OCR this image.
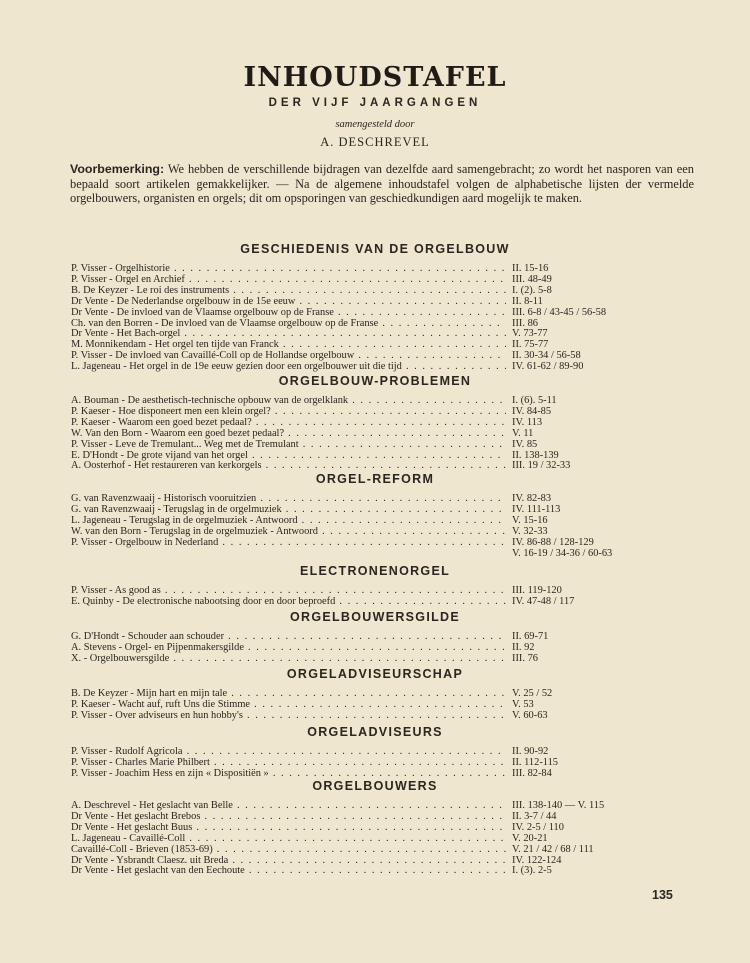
INHOUDSTAFEL
DER VIJF JAARGANGEN
samengesteld door
A. DESCHREVEL
Voorbemerking: We hebben de verschillende bijdragen van dezelfde aard samengebracht; zo wordt het nasporen van een bepaald soort artikelen gemakkelijker. — Na de algemene inhoudstafel volgen de alphabetische lijsten der vermelde orgelbouwers, organisten en orgels; dit om opsporingen van geschiedkundigen aard mogelijk te maken.
GESCHIEDENIS VAN DE ORGELBOUW
P. Visser - Orgelhistorie . . .	II. 15-16
P. Visser - Orgel en Archief . . .	III. 48-49
B. De Keyzer - Le roi des instruments . . .	I. (2). 5-8
Dr Vente - De Nederlandse orgelbouw in de 15e eeuw . . .	II. 8-11
Dr Vente - De invloed van de Vlaamse orgelbouw op de Franse . . .	III. 6-8 / 43-45 / 56-58
Ch. van den Borren - De invloed van de Vlaamse orgelbouw op de Franse . . .	III. 86
Dr Vente - Het Bach-orgel . . .	V. 73-77
M. Monnikendam - Het orgel ten tijde van Franck . . .	II. 75-77
P. Visser - De invloed van Cavaillé-Coll op de Hollandse orgelbouw . . .	II. 30-34 / 56-58
L. Jageneau - Het orgel in de 19e eeuw gezien door een orgelbouwer uit die tijd . . .	IV. 61-62 / 89-90
ORGELBOUW-PROBLEMEN
A. Bouman - De aesthetisch-technische opbouw van de orgelklank . . .	I. (6). 5-11
P. Kaeser - Hoe disponeert men een klein orgel? . . .	IV. 84-85
P. Kaeser - Waarom een goed bezet pedaal? . . .	IV. 113
W. Van den Born - Waarom een goed bezet pedaal? . . .	V. 11
P. Visser - Leve de Tremulant... Weg met de Tremulant . . .	IV. 85
E. D'Hondt - De grote vijand van het orgel . . .	II. 138-139
A. Oosterhof - Het restaureren van kerkorgels . . .	III. 19 / 32-33
ORGEL-REFORM
G. van Ravenzwaaij - Historisch vooruitzien . . .	IV. 82-83
G. van Ravenzwaaij - Terugslag in de orgelmuziek . . .	IV. 111-113
L. Jageneau - Terugslag in de orgelmuziek - Antwoord . . .	V. 15-16
W. van den Born - Terugslag in de orgelmuziek - Antwoord . . .	V. 32-33
P. Visser - Orgelbouw in Nederland . . .	IV. 86-88 / 128-129
V. 16-19 / 34-36 / 60-63
ELECTRONENORGEL
P. Visser - As good as . . .	III. 119-120
E. Quinby - De electronische nabootsing door en door beproefd . . .	IV. 47-48 / 117
ORGELBOUWERSGILDE
G. D'Hondt - Schouder aan schouder . . .	II. 69-71
A. Stevens - Orgel- en Pijpenmakersgilde . . .	II. 92
X. - Orgelbouwersgilde . . .	III. 76
ORGELADVISEURSCHAP
B. De Keyzer - Mijn hart en mijn tale . . .	V. 25 / 52
P. Kaeser - Wacht auf, ruft Uns die Stimme . . .	V. 53
P. Visser - Over adviseurs en hun hobby's . . .	V. 60-63
ORGELADVISEURS
P. Visser - Rudolf Agricola . . .	II. 90-92
P. Visser - Charles Marie Philbert . . .	II. 112-115
P. Visser - Joachim Hess en zijn « Dispositiën » . . .	III. 82-84
ORGELBOUWERS
A. Deschrevel - Het geslacht van Belle . . .	III. 138-140 — V. 115
Dr Vente - Het geslacht Brebos . . .	II. 3-7 / 44
Dr Vente - Het geslacht Buus . . .	IV. 2-5 / 110
L. Jageneau - Cavaillé-Coll . . .	V. 20-21
Cavaillé-Coll - Brieven (1853-69) . . .	V. 21 / 42 / 68 / 111
Dr Vente - Ysbrandt Claesz. uit Breda . . .	IV. 122-124
Dr Vente - Het geslacht van den Eechoute . . .	I. (3). 2-5
135
